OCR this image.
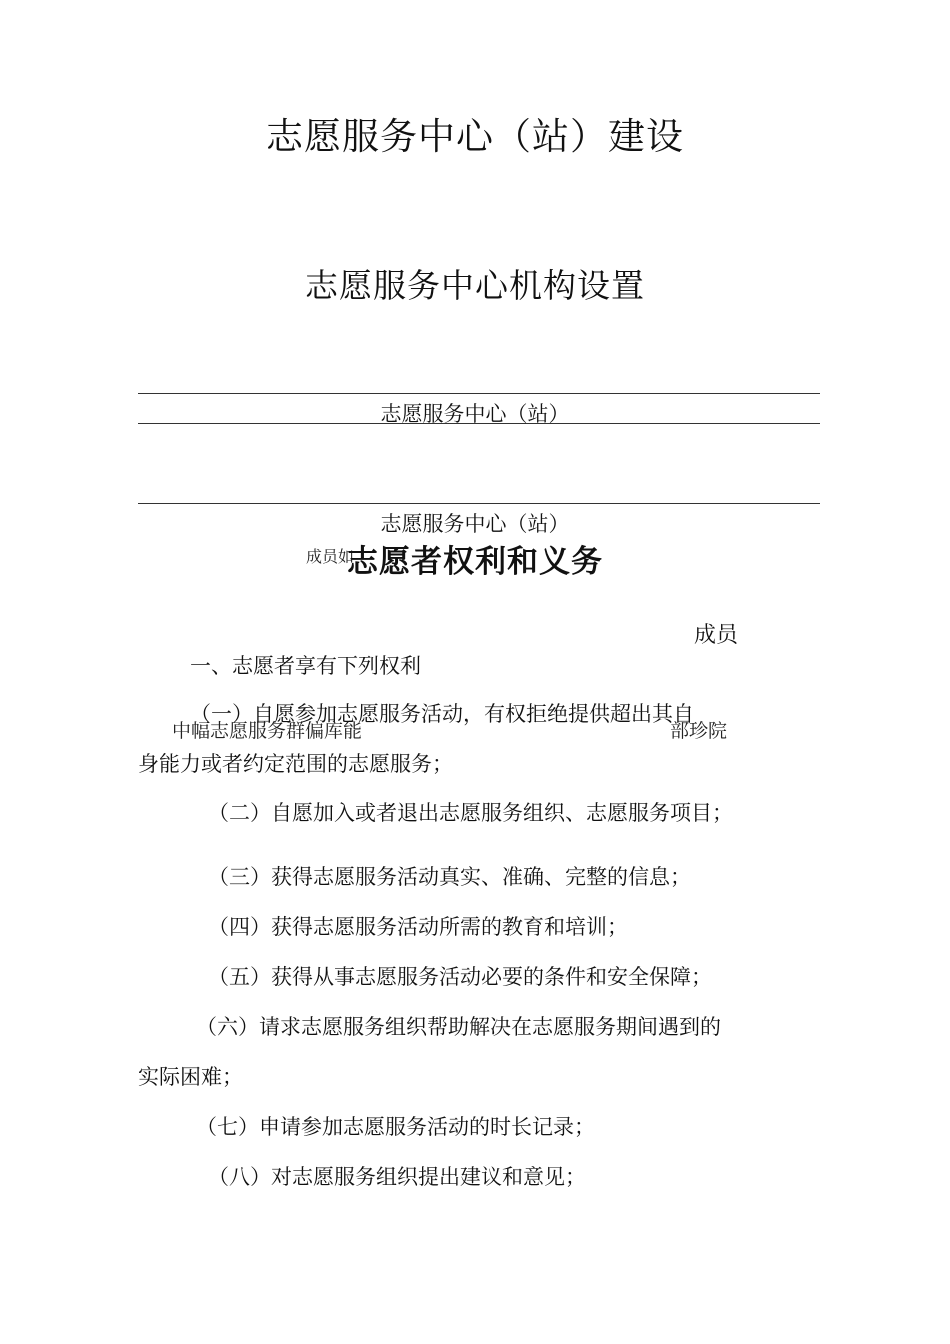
志愿服务中心（站）建设
志愿服务中心机构设置
志愿服务中心（站）
志愿服务中心（站）
成员如
志愿者权利和义务
成员
一、志愿者享有下列权利
中幅志愿服务群偏库能	部珍院
（一）自愿参加志愿服务活动，有权拒绝提供超出其自
身能力或者约定范围的志愿服务；
（二）自愿加入或者退出志愿服务组织、志愿服务项目；
（三）获得志愿服务活动真实、准确、完整的信息；
（四）获得志愿服务活动所需的教育和培训；
（五）获得从事志愿服务活动必要的条件和安全保障；
（六）请求志愿服务组织帮助解决在志愿服务期间遇到的
实际困难；
（七）申请参加志愿服务活动的时长记录；
（八）对志愿服务组织提出建议和意见；
